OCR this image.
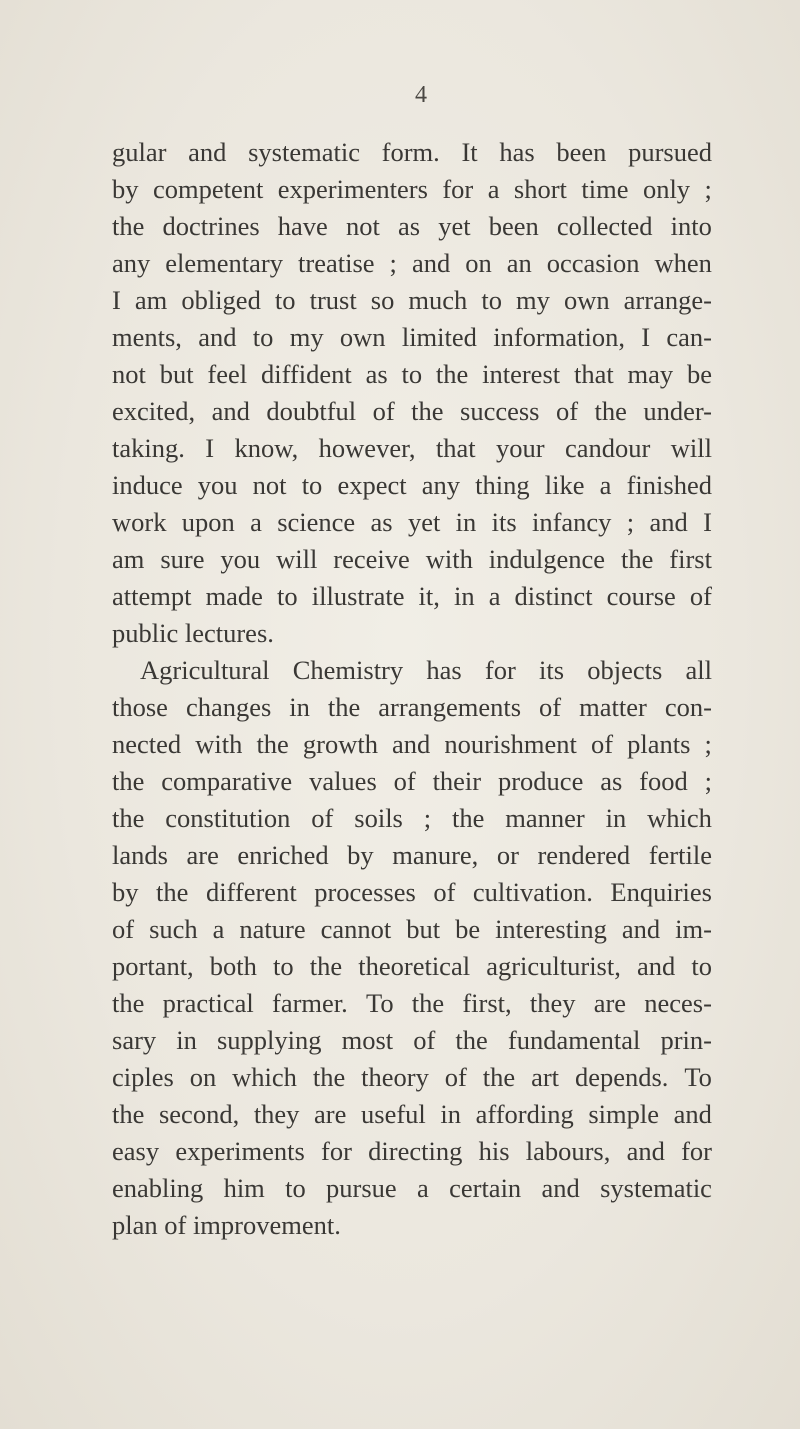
4
gular and systematic form. It has been pursued
by competent experimenters for a short time only ;
the doctrines have not as yet been collected into
any elementary treatise ; and on an occasion when
I am obliged to trust so much to my own arrange-
ments, and to my own limited information, I can-
not but feel diffident as to the interest that may be
excited, and doubtful of the success of the under-
taking. I know, however, that your candour will
induce you not to expect any thing like a finished
work upon a science as yet in its infancy ; and I
am sure you will receive with indulgence the first
attempt made to illustrate it, in a distinct course of
public lectures.
Agricultural Chemistry has for its objects all
those changes in the arrangements of matter con-
nected with the growth and nourishment of plants ;
the comparative values of their produce as food ;
the constitution of soils ; the manner in which
lands are enriched by manure, or rendered fertile
by the different processes of cultivation. Enquiries
of such a nature cannot but be interesting and im-
portant, both to the theoretical agriculturist, and to
the practical farmer. To the first, they are neces-
sary in supplying most of the fundamental prin-
ciples on which the theory of the art depends. To
the second, they are useful in affording simple and
easy experiments for directing his labours, and for
enabling him to pursue a certain and systematic
plan of improvement.
